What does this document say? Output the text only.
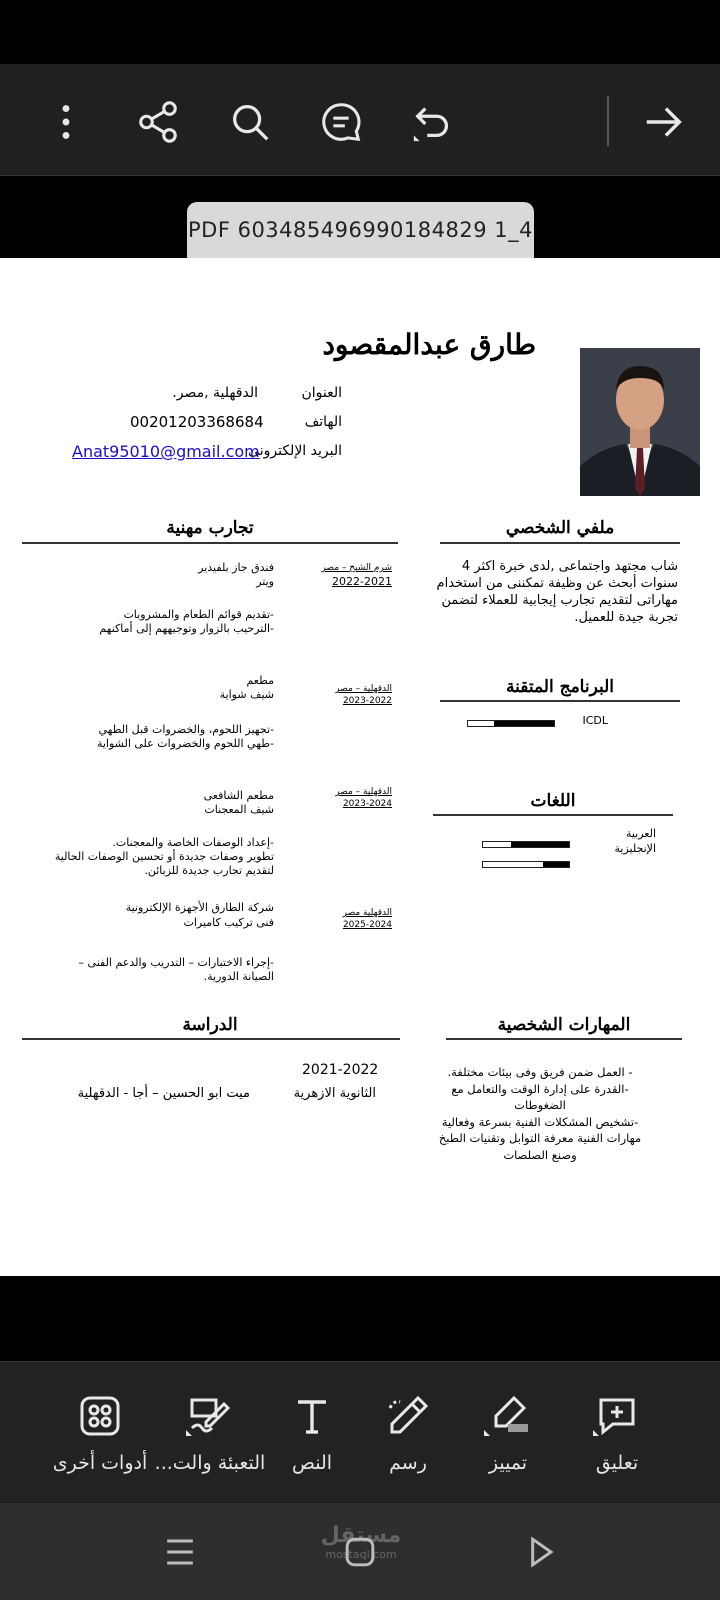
PDF 603485496990184829 1_4
طارق عبدالمقصود
العنوان
الدقهلية ,مصر.
الهاتف
00201203368684
البريد الإلكتروني
Anat95010@gmail.com
ملفي الشخصي
شاب مجتهد واجتماعى ,لدى خبرة اكثر 4 سنوات أبحث عن وظيفة تمكننى من استخدام مهاراتى لتقديم تجارب إيجابية للعملاء لتضمن تجربة جيدة للعميل.
البرنامج المتقنة
ICDL
اللغات
العربية
الإنجليزية
تجارب مهنية
شرم الشيخ – مصر
2022-2021
فندق جاز بلفيدير
ويتر
-تقديم قوائم الطعام والمشروبات
-الترحيب بالزوار وتوجيههم إلى أماكنهم
الدقهلية – مصر
2023-2022
مطعم
شيف شواية
-تجهيز اللحوم، والخضروات قبل الطهي
-طهي اللحوم والخضروات على الشواية
الدقهلية – مصر
2023-2024
مطعم الشافعى
شيف المعجنات
-إعداد الوصفات الخاصة والمعجنات.
تطوير وصفات جديدة أو تحسين الوصفات الحالية
لتقديم تجارب جديدة للزبائن.
الدقهلية مصر
2025-2024
شركة الطارق الأجهزة الإلكترونية
فنى تركيب كاميرات
-إجراء الاختبارات – التدريب والدعم الفنى –
الصيانة الدورية.
المهارات الشخصية
- العمل ضمن فريق وفى بيئات مختلفة.
-القدرة على إدارة الوقت والتعامل مع
الضغوطات
-تشخيص المشكلات الفنية بسرعة وفعالية
مهارات الفنية معرفة التوابل وتقنيات الطبخ
وصنع الصلصات
الدراسة
2021-2022
الثانوية الازهرية
ميت ابو الحسين – أجا - الدقهلية
تعليق
تمييز
رسم
النص
التعبئة والت...
أدوات أخرى
مستقل
mostaql.com
